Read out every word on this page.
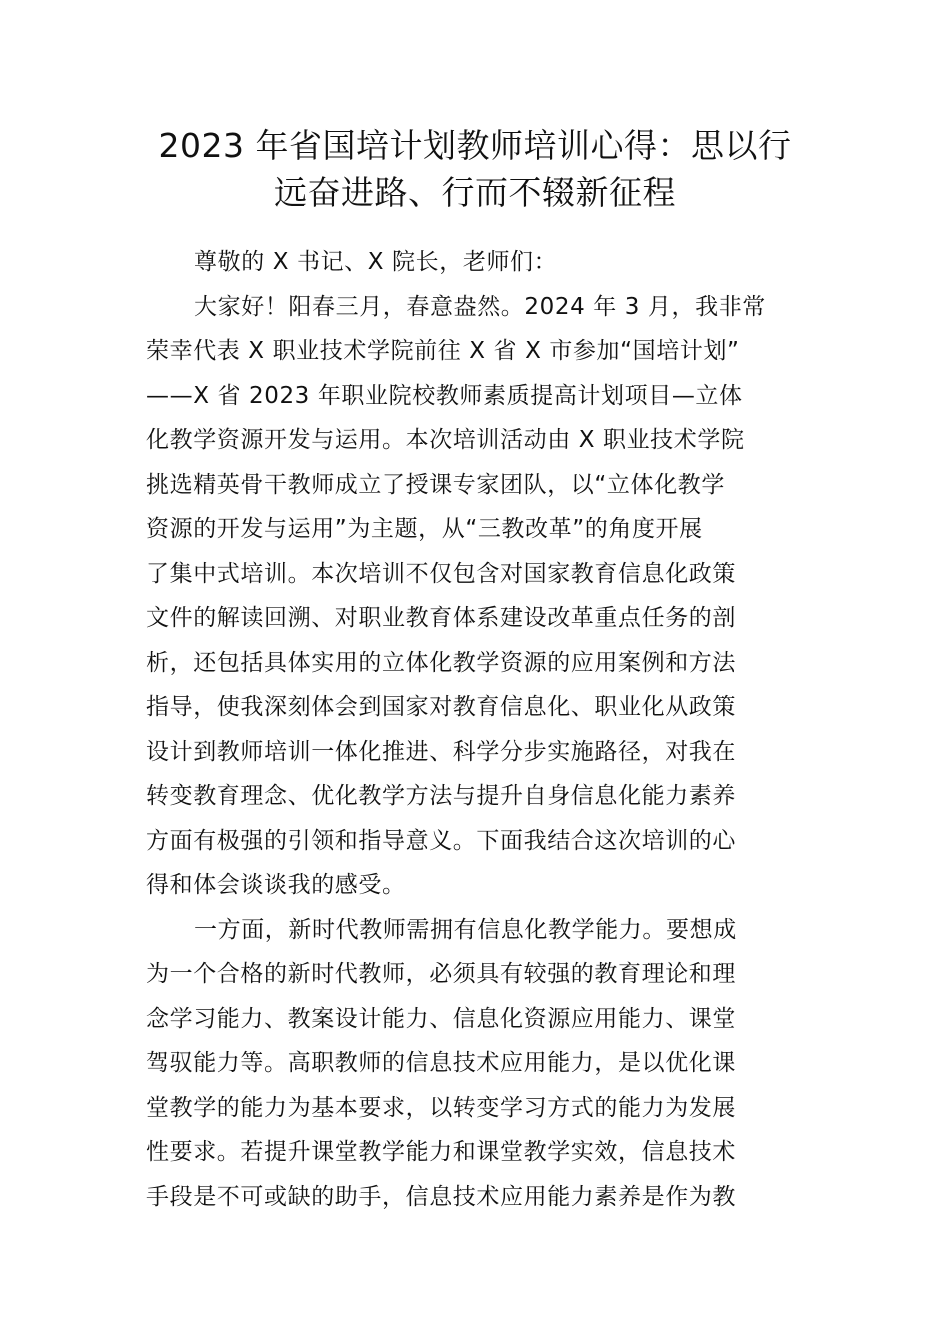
2023 年省国培计划教师培训心得：思以行
远奋进路、行而不辍新征程
尊敬的 X 书记、X 院长，老师们：
大家好！阳春三月，春意盎然。2024 年 3 月，我非常
荣幸代表 X 职业技术学院前往 X 省 X 市参加“国培计划”
——X 省 2023 年职业院校教师素质提高计划项目—立体
化教学资源开发与运用。本次培训活动由 X 职业技术学院
挑选精英骨干教师成立了授课专家团队，以“立体化教学
资源的开发与运用”为主题，从“三教改革”的角度开展
了集中式培训。本次培训不仅包含对国家教育信息化政策
文件的解读回溯、对职业教育体系建设改革重点任务的剖
析，还包括具体实用的立体化教学资源的应用案例和方法
指导，使我深刻体会到国家对教育信息化、职业化从政策
设计到教师培训一体化推进、科学分步实施路径，对我在
转变教育理念、优化教学方法与提升自身信息化能力素养
方面有极强的引领和指导意义。下面我结合这次培训的心
得和体会谈谈我的感受。
一方面，新时代教师需拥有信息化教学能力。要想成
为一个合格的新时代教师，必须具有较强的教育理论和理
念学习能力、教案设计能力、信息化资源应用能力、课堂
驾驭能力等。高职教师的信息技术应用能力，是以优化课
堂教学的能力为基本要求，以转变学习方式的能力为发展
性要求。若提升课堂教学能力和课堂教学实效，信息技术
手段是不可或缺的助手，信息技术应用能力素养是作为教
